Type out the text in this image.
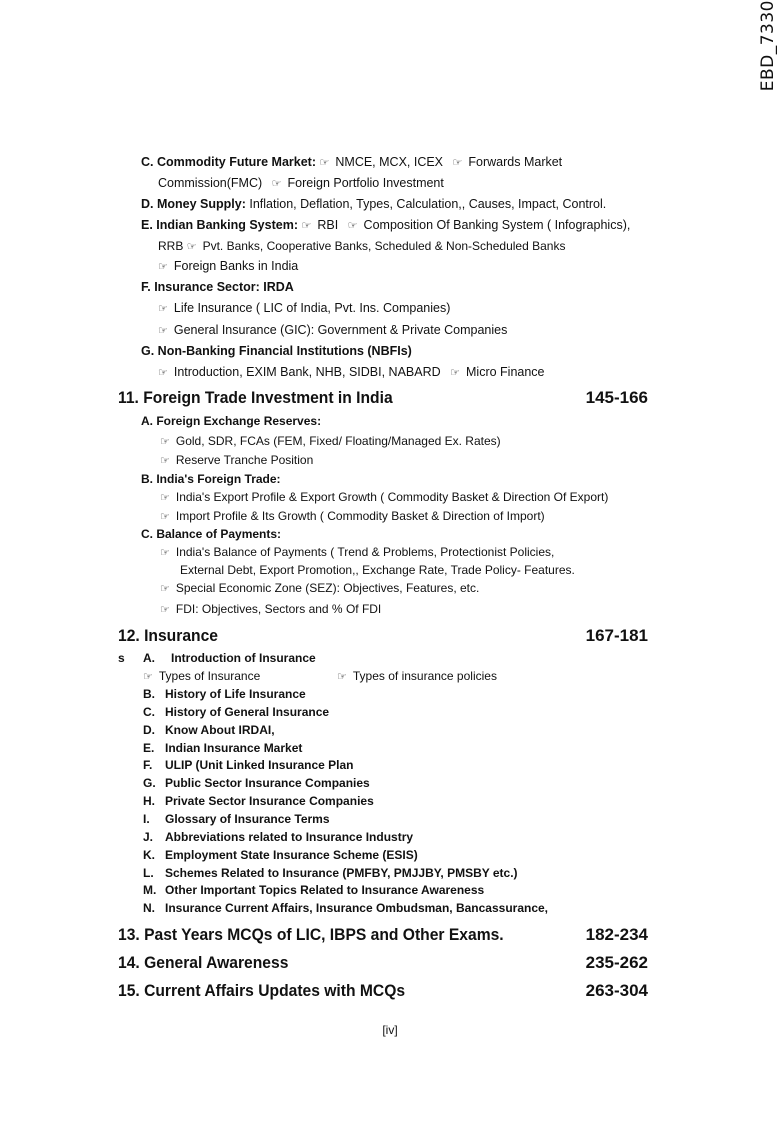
EBD_7330
C. Commodity Future Market: ☞ NMCE, MCX, ICEX ☞ Forwards Market
Commission(FMC) ☞ Foreign Portfolio Investment
D. Money Supply: Inflation, Deflation, Types, Calculation,, Causes, Impact, Control.
E. Indian Banking System: ☞ RBI ☞ Composition Of Banking System ( Infographics),
RRB ☞ Pvt. Banks, Cooperative Banks, Scheduled & Non-Scheduled Banks
☞ Foreign Banks in India
F. Insurance Sector: IRDA
☞ Life Insurance ( LIC of India, Pvt. Ins. Companies)
☞ General Insurance (GIC): Government & Private Companies
G. Non-Banking Financial Institutions (NBFIs)
☞ Introduction, EXIM Bank, NHB, SIDBI, NABARD ☞ Micro Finance
11. Foreign Trade Investment in India	145-166
A. Foreign Exchange Reserves:
☞ Gold, SDR, FCAs (FEM, Fixed/ Floating/Managed Ex. Rates)
☞ Reserve Tranche Position
B. India's Foreign Trade:
☞ India's Export Profile & Export Growth ( Commodity Basket & Direction Of Export)
☞ Import Profile & Its Growth ( Commodity Basket & Direction of Import)
C. Balance of Payments:
☞ India's Balance of Payments ( Trend & Problems, Protectionist Policies,
External Debt, Export Promotion,, Exchange Rate, Trade Policy- Features.
☞ Special Economic Zone (SEZ): Objectives, Features, etc.
☞ FDI: Objectives, Sectors and % Of FDI
12. Insurance	167-181
s A. Introduction of Insurance
☞ Types of Insurance	☞ Types of insurance policies
B. History of Life Insurance
C. History of General Insurance
D. Know About IRDAI,
E. Indian Insurance Market
F. ULIP (Unit Linked Insurance Plan
G. Public Sector Insurance Companies
H. Private Sector Insurance Companies
I. Glossary of Insurance Terms
J. Abbreviations related to Insurance Industry
K. Employment State Insurance Scheme (ESIS)
L. Schemes Related to Insurance (PMFBY, PMJJBY, PMSBY etc.)
M. Other Important Topics Related to Insurance Awareness
N. Insurance Current Affairs, Insurance Ombudsman, Bancassurance,
13. Past Years MCQs of LIC, IBPS and Other Exams.	182-234
14. General Awareness	235-262
15. Current Affairs Updates with MCQs	263-304
[iv]
